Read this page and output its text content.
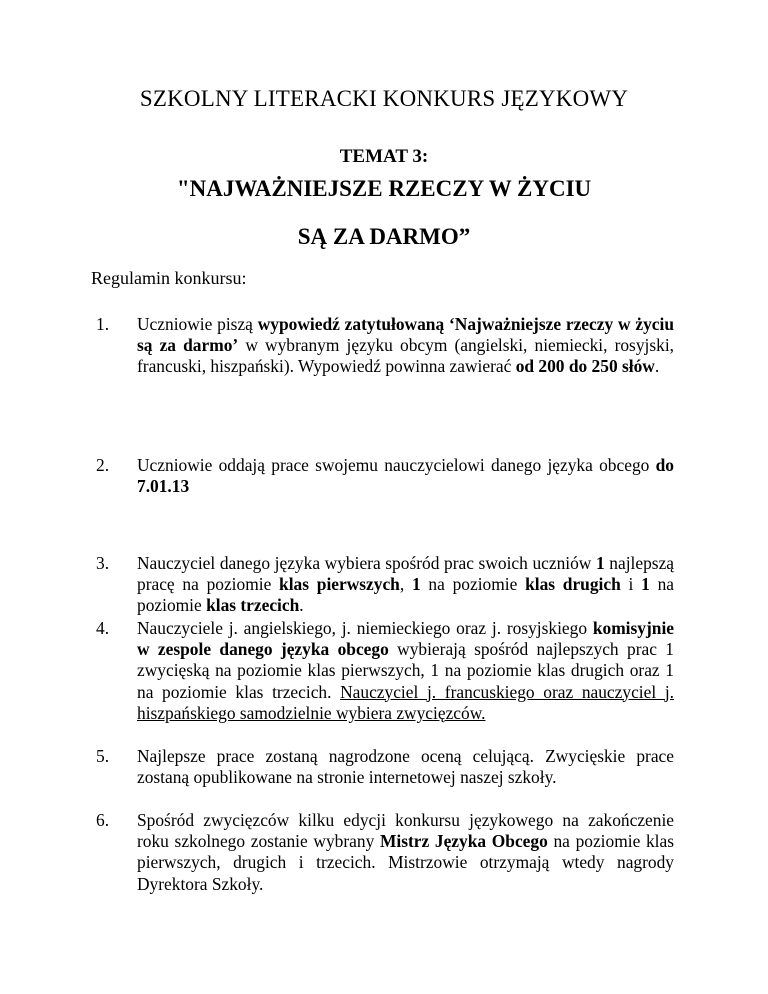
SZKOLNY LITERACKI KONKURS JĘZYKOWY
TEMAT 3:
"NAJWAŻNIEJSZE RZECZY W ŻYCIU
SĄ ZA DARMO”
Regulamin konkursu:
1.	Uczniowie piszą wypowiedź zatytułowaną ‘Najważniejsze rzeczy w życiu są za darmo’ w wybranym języku obcym (angielski, niemiecki, rosyjski, francuski, hiszpański). Wypowiedź powinna zawierać od 200 do 250 słów.
2.	Uczniowie oddają prace swojemu nauczycielowi danego języka obcego do 7.01.13
3.	Nauczyciel danego języka wybiera spośród prac swoich uczniów 1 najlepszą pracę na poziomie klas pierwszych, 1 na poziomie klas drugich i 1 na poziomie klas trzecich.
4.	Nauczyciele j. angielskiego, j. niemieckiego oraz j. rosyjskiego komisyjnie w zespole danego języka obcego wybierają spośród najlepszych prac 1 zwycięską na poziomie klas pierwszych, 1 na poziomie klas drugich oraz 1 na poziomie klas trzecich. Nauczyciel j. francuskiego oraz nauczyciel j. hiszpańskiego samodzielnie wybiera zwycięzców.
5.	Najlepsze prace zostaną nagrodzone oceną celującą. Zwycięskie prace zostaną opublikowane na stronie internetowej naszej szkoły.
6.	Spośród zwycięzców kilku edycji konkursu językowego na zakończenie roku szkolnego zostanie wybrany Mistrz Języka Obcego na poziomie klas pierwszych, drugich i trzecich. Mistrzowie otrzymają wtedy nagrody Dyrektora Szkoły.
